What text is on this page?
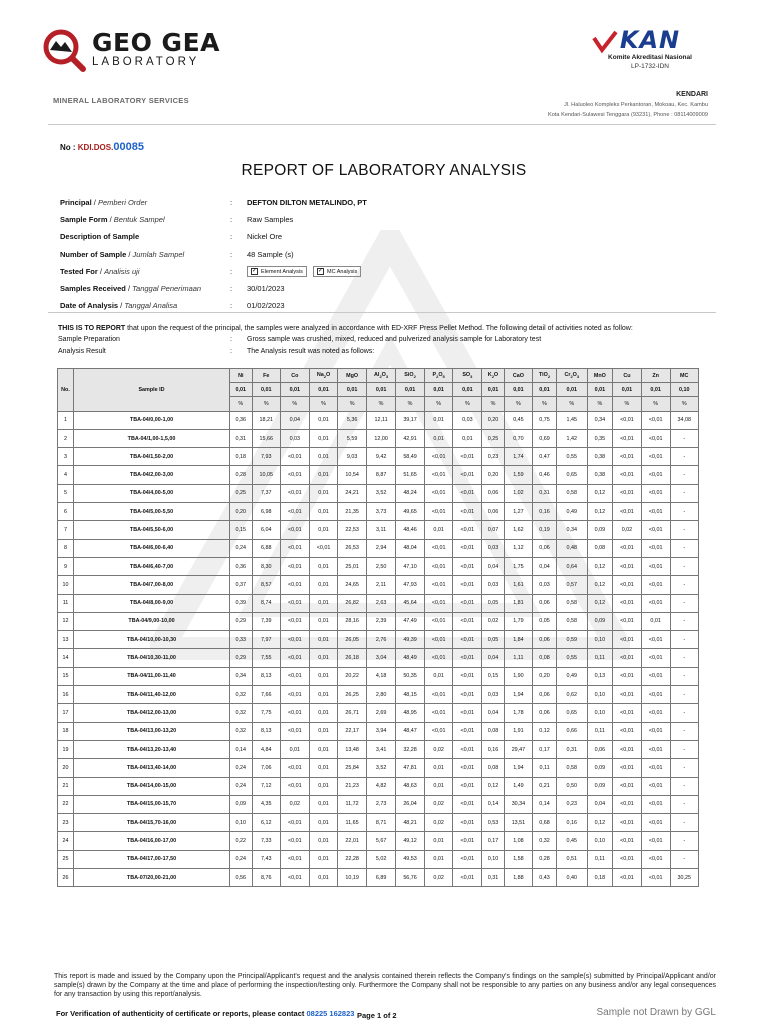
GEO GEA
LABORATORY
KAN
Komite Akreditasi Nasional
LP-1732-IDN
MINERAL LABORATORY SERVICES
KENDARI
Jl. Haluoleo Kompleks Perkantoran, Mokoau, Kec. Kambu
Kota Kendari-Sulawesi Tenggara (93231), Phone : 08114009009
No : KDI.DOS.00085
REPORT OF LABORATORY ANALYSIS
Principal / Pemberi Order	:	DEFTON DILTON METALINDO, PT
Sample Form / Bentuk Sampel	:	Raw Samples
Description of Sample	:	Nickel Ore
Number of Sample / Jumlah Sampel	:	48 Sample (s)
Tested For / Analisis uji	:	✓ Element Analysis	✓ MC Analysis
Samples Received / Tanggal Penerimaan	:	30/01/2023
Date of Analysis / Tanggal Analisa	:	01/02/2023
THIS IS TO REPORT that upon the request of the principal, the samples were analyzed in accordance with ED-XRF Press Pellet Method. The following detail of activities noted as follow:
Sample Preparation	:	Gross sample was crushed, mixed, reduced and pulverized analysis sample for Laboratory test
Analysis Result	:	The Analysis result was noted as follows:
No.	Sample ID	Ni	Fe	Co	$Na_2O$	MgO	$Al_2O_3$	SiO$_2$	$P_2O_5$	$SO_3$	$K_2O$	CaO	TiO$_2$	$Cr_2O_3$	MnO	Cu	Zn	MC
		0,01	0,01	0,01	0,01	0,01	0,01	0,01	0,01	0,01	0,01	0,01	0,01	0,01	0,01	0,01	0,01	0,10
		%	%	%	%	%	%	%	%	%	%	%	%	%	%	%	%	%
1	TBA-04/0,00-1,00	0,36	18,21	0,04	0,01	5,36	12,11	39,17	0,01	0,03	0,20	0,45	0,75	1,45	0,34	<0,01	<0,01	34,08
2	TBA-04/1,00-1,5,00	0,31	15,66	0,03	0,01	5,59	12,00	42,91	0,01	0,01	0,25	0,70	0,69	1,42	0,35	<0,01	<0,01	-
3	TBA-04/1,50-2,00	0,18	7,93	<0,01	0,01	9,03	9,42	58,49	<0,01	<0,01	0,23	1,74	0,47	0,55	0,38	<0,01	<0,01	-
4	TBA-04/2,00-3,00	0,28	10,05	<0,01	0,01	10,54	8,87	51,65	<0,01	<0,01	0,20	1,59	0,46	0,65	0,38	<0,01	<0,01	-
5	TBA-04/4,00-5,00	0,25	7,37	<0,01	0,01	24,21	3,52	48,24	<0,01	<0,01	0,06	1,02	0,31	0,58	0,12	<0,01	<0,01	-
6	TBA-04/5,00-5,50	0,20	6,98	<0,01	0,01	21,35	3,73	49,65	<0,01	<0,01	0,06	1,27	0,16	0,49	0,12	<0,01	<0,01	-
7	TBA-04/5,50-6,00	0,15	6,04	<0,01	0,01	22,53	3,11	48,46	0,01	<0,01	0,07	1,62	0,19	0,34	0,09	0,02	<0,01	-
8	TBA-04/6,00-6,40	0,24	6,88	<0,01	<0,01	26,53	2,94	48,04	<0,01	<0,01	0,03	1,12	0,06	0,48	0,08	<0,01	<0,01	-
9	TBA-04/6,40-7,00	0,36	8,30	<0,01	0,01	25,01	2,50	47,10	<0,01	<0,01	0,04	1,75	0,04	0,64	0,12	<0,01	<0,01	-
10	TBA-04/7,00-8,00	0,37	8,57	<0,01	0,01	24,65	2,11	47,93	<0,01	<0,01	0,03	1,61	0,03	0,57	0,12	<0,01	<0,01	-
11	TBA-04/8,00-9,00	0,39	8,74	<0,01	0,01	26,82	2,63	45,64	<0,01	<0,01	0,05	1,81	0,06	0,58	0,12	<0,01	<0,01	-
12	TBA-04/9,00-10,00	0,29	7,39	<0,01	0,01	28,16	2,39	47,49	<0,01	<0,01	0,02	1,79	0,05	0,58	0,09	<0,01	0,01	-
13	TBA-04/10,00-10,30	0,33	7,97	<0,01	0,01	26,05	2,76	49,39	<0,01	<0,01	0,05	1,84	0,06	0,59	0,10	<0,01	<0,01	-
14	TBA-04/10,30-11,00	0,29	7,55	<0,01	0,01	26,18	3,04	48,49	<0,01	<0,01	0,04	1,11	0,08	0,55	0,11	<0,01	<0,01	-
15	TBA-04/11,00-11,40	0,34	8,13	<0,01	0,01	20,22	4,18	50,35	0,01	<0,01	0,15	1,90	0,20	0,49	0,13	<0,01	<0,01	-
16	TBA-04/11,40-12,00	0,32	7,66	<0,01	0,01	26,25	2,80	48,15	<0,01	<0,01	0,03	1,94	0,06	0,62	0,10	<0,01	<0,01	-
17	TBA-04/12,00-13,00	0,32	7,75	<0,01	0,01	26,71	2,69	48,95	<0,01	<0,01	0,04	1,78	0,06	0,65	0,10	<0,01	<0,01	-
18	TBA-04/13,00-13,20	0,32	8,13	<0,01	0,01	22,17	3,94	48,47	<0,01	<0,01	0,08	1,91	0,12	0,66	0,11	<0,01	<0,01	-
19	TBA-04/13,20-13,40	0,14	4,84	0,01	0,01	13,48	3,41	32,28	0,02	<0,01	0,16	29,47	0,17	0,31	0,06	<0,01	<0,01	-
20	TBA-04/13,40-14,00	0,24	7,06	<0,01	0,01	25,84	3,52	47,81	0,01	<0,01	0,08	1,94	0,11	0,58	0,09	<0,01	<0,01	-
21	TBA-04/14,00-15,00	0,24	7,12	<0,01	0,01	21,23	4,82	48,63	0,01	<0,01	0,12	1,49	0,21	0,50	0,09	<0,01	<0,01	-
22	TBA-04/15,00-15,70	0,09	4,35	0,02	0,01	11,72	2,73	26,04	0,02	<0,01	0,14	30,34	0,14	0,23	0,04	<0,01	<0,01	-
23	TBA-04/15,70-16,00	0,10	6,12	<0,01	0,01	11,65	8,71	48,21	0,02	<0,01	0,53	13,51	0,68	0,16	0,12	<0,01	<0,01	-
24	TBA-04/16,00-17,00	0,22	7,33	<0,01	0,01	22,01	5,67	49,12	0,01	<0,01	0,17	1,08	0,32	0,45	0,10	<0,01	<0,01	-
25	TBA-04/17,00-17,50	0,24	7,43	<0,01	0,01	22,28	5,02	49,53	0,01	<0,01	0,10	1,58	0,28	0,51	0,11	<0,01	<0,01	-
26	TBA-07/20,00-21,00	0,56	8,76	<0,01	0,01	10,19	6,89	56,76	0,02	<0,01	0,31	1,88	0,43	0,40	0,18	<0,01	<0,01	30,25
This report is made and issued by the Company upon the Principal/Applicant's request and the analysis contained therein reflects the Company's findings on the sample(s) submitted by Principal/Applicant and/or sample(s) drawn by the Company at the time and place of performing the inspection/testing only. Furthermore the Company shall not be responsible to any parties on any business and/or any legal consequences for any transaction by using this report/analysis.
For Verification of authenticity of certificate or reports, please contact 08225 162823 Page 1 of 2	Sample not Drawn by GGL
